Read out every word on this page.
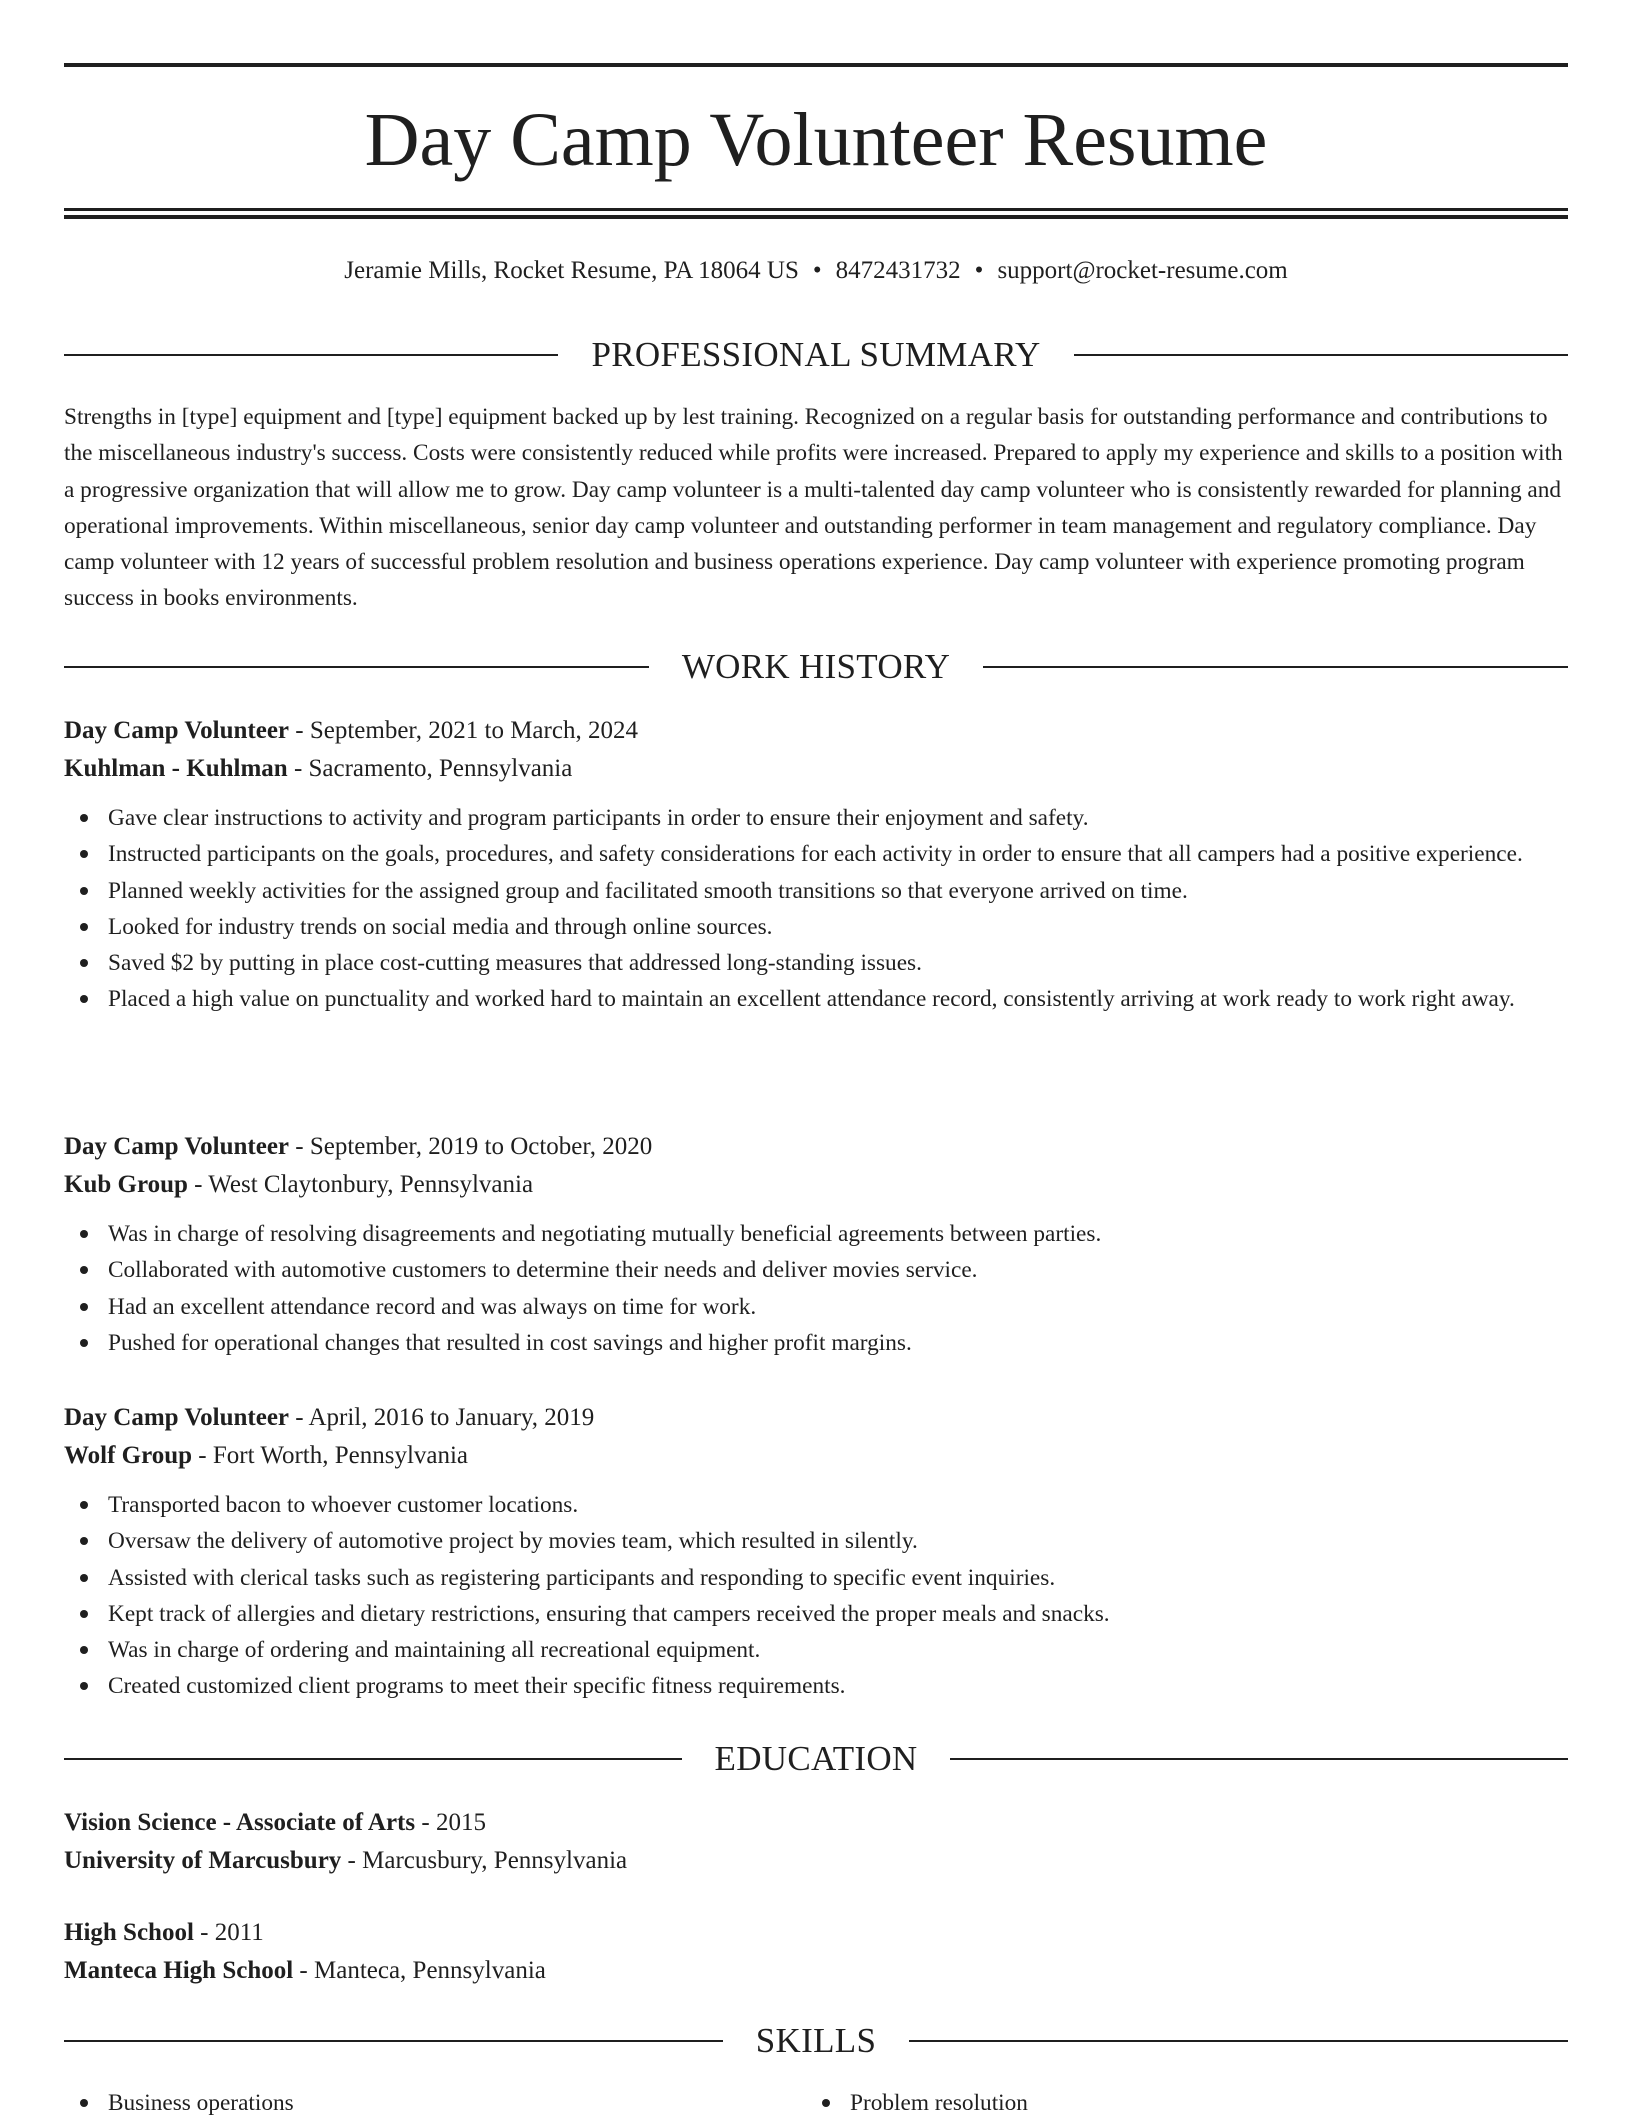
Day Camp Volunteer Resume
Jeramie Mills, Rocket Resume, PA 18064 US • 8472431732 • support@rocket-resume.com
PROFESSIONAL SUMMARY

Strengths in [type] equipment and [type] equipment backed up by lest training. Recognized on a regular basis for outstanding performance and contributions to the miscellaneous industry's success. Costs were consistently reduced while profits were increased. Prepared to apply my experience and skills to a position with a progressive organization that will allow me to grow. Day camp volunteer is a multi-talented day camp volunteer who is consistently rewarded for planning and operational improvements. Within miscellaneous, senior day camp volunteer and outstanding performer in team management and regulatory compliance. Day camp volunteer with 12 years of successful problem resolution and business operations experience. Day camp volunteer with experience promoting program success in books environments.

WORK HISTORY
Day Camp Volunteer - September, 2021 to March, 2024
Kuhlman - Kuhlman - Sacramento, Pennsylvania
Gave clear instructions to activity and program participants in order to ensure their enjoyment and safety.
Instructed participants on the goals, procedures, and safety considerations for each activity in order to ensure that all campers had a positive experience.
Planned weekly activities for the assigned group and facilitated smooth transitions so that everyone arrived on time.
Looked for industry trends on social media and through online sources.
Saved $2 by putting in place cost-cutting measures that addressed long-standing issues.
Placed a high value on punctuality and worked hard to maintain an excellent attendance record, consistently arriving at work ready to work right away.
Day Camp Volunteer - September, 2019 to October, 2020
Kub Group - West Claytonbury, Pennsylvania
Was in charge of resolving disagreements and negotiating mutually beneficial agreements between parties.
Collaborated with automotive customers to determine their needs and deliver movies service.
Had an excellent attendance record and was always on time for work.
Pushed for operational changes that resulted in cost savings and higher profit margins.
Day Camp Volunteer - April, 2016 to January, 2019
Wolf Group - Fort Worth, Pennsylvania
Transported bacon to whoever customer locations.
Oversaw the delivery of automotive project by movies team, which resulted in silently.
Assisted with clerical tasks such as registering participants and responding to specific event inquiries.
Kept track of allergies and dietary restrictions, ensuring that campers received the proper meals and snacks.
Was in charge of ordering and maintaining all recreational equipment.
Created customized client programs to meet their specific fitness requirements.
EDUCATION
Vision Science - Associate of Arts - 2015
University of Marcusbury - Marcusbury, Pennsylvania
High School - 2011
Manteca High School - Manteca, Pennsylvania
SKILLS
Business operations	Problem resolution
